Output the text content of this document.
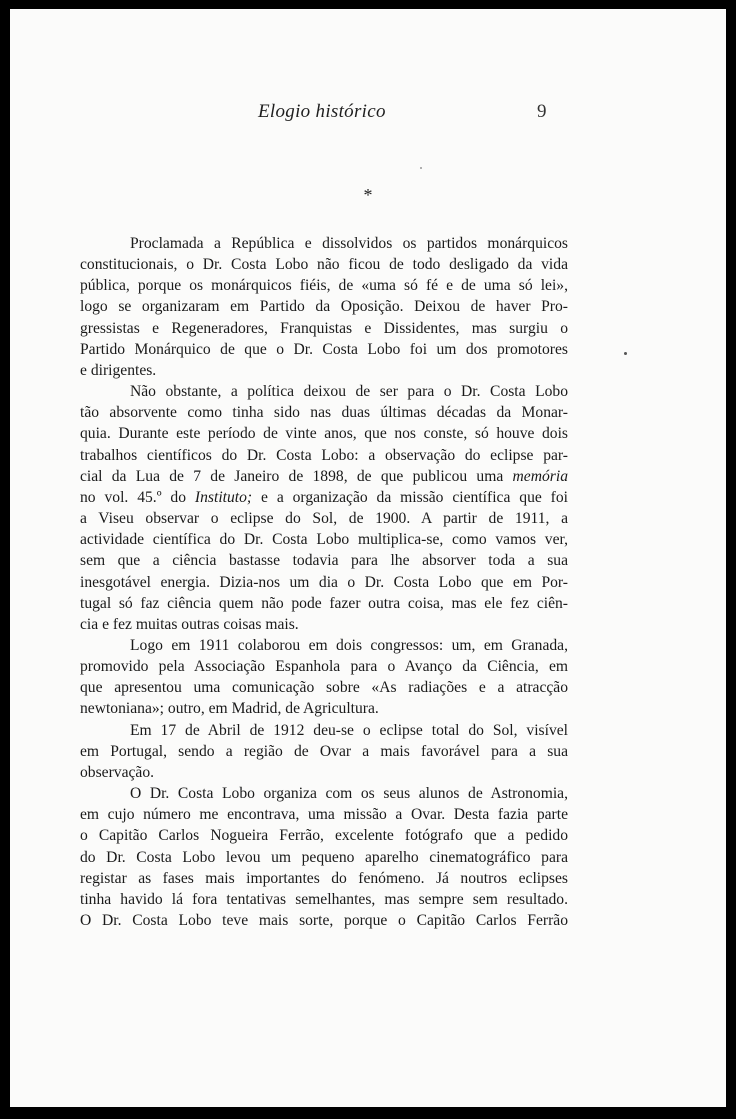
Elogio histórico	9
*
Proclamada a República e dissolvidos os partidos monárquicos
constitucionais, o Dr. Costa Lobo não ficou de todo desligado da vida
pública, porque os monárquicos fiéis, de «uma só fé e de uma só lei»,
logo se organizaram em Partido da Oposição. Deixou de haver Pro-
gressistas e Regeneradores, Franquistas e Dissidentes, mas surgiu o
Partido Monárquico de que o Dr. Costa Lobo foi um dos promotores
e dirigentes.
Não obstante, a política deixou de ser para o Dr. Costa Lobo
tão absorvente como tinha sido nas duas últimas décadas da Monar-
quia. Durante este período de vinte anos, que nos conste, só houve dois
trabalhos científicos do Dr. Costa Lobo: a observação do eclipse par-
cial da Lua de 7 de Janeiro de 1898, de que publicou uma memória
no vol. 45.º do Instituto; e a organização da missão científica que foi
a Viseu observar o eclipse do Sol, de 1900. A partir de 1911, a
actividade científica do Dr. Costa Lobo multiplica-se, como vamos ver,
sem que a ciência bastasse todavia para lhe absorver toda a sua
inesgotável energia. Dizia-nos um dia o Dr. Costa Lobo que em Por-
tugal só faz ciência quem não pode fazer outra coisa, mas ele fez ciên-
cia e fez muitas outras coisas mais.
Logo em 1911 colaborou em dois congressos: um, em Granada,
promovido pela Associação Espanhola para o Avanço da Ciência, em
que apresentou uma comunicação sobre «As radiações e a atracção
newtoniana»; outro, em Madrid, de Agricultura.
Em 17 de Abril de 1912 deu-se o eclipse total do Sol, visível
em Portugal, sendo a região de Ovar a mais favorável para a sua
observação.
O Dr. Costa Lobo organiza com os seus alunos de Astronomia,
em cujo número me encontrava, uma missão a Ovar. Desta fazia parte
o Capitão Carlos Nogueira Ferrão, excelente fotógrafo que a pedido
do Dr. Costa Lobo levou um pequeno aparelho cinematográfico para
registar as fases mais importantes do fenómeno. Já noutros eclipses
tinha havido lá fora tentativas semelhantes, mas sempre sem resultado.
O Dr. Costa Lobo teve mais sorte, porque o Capitão Carlos Ferrão
